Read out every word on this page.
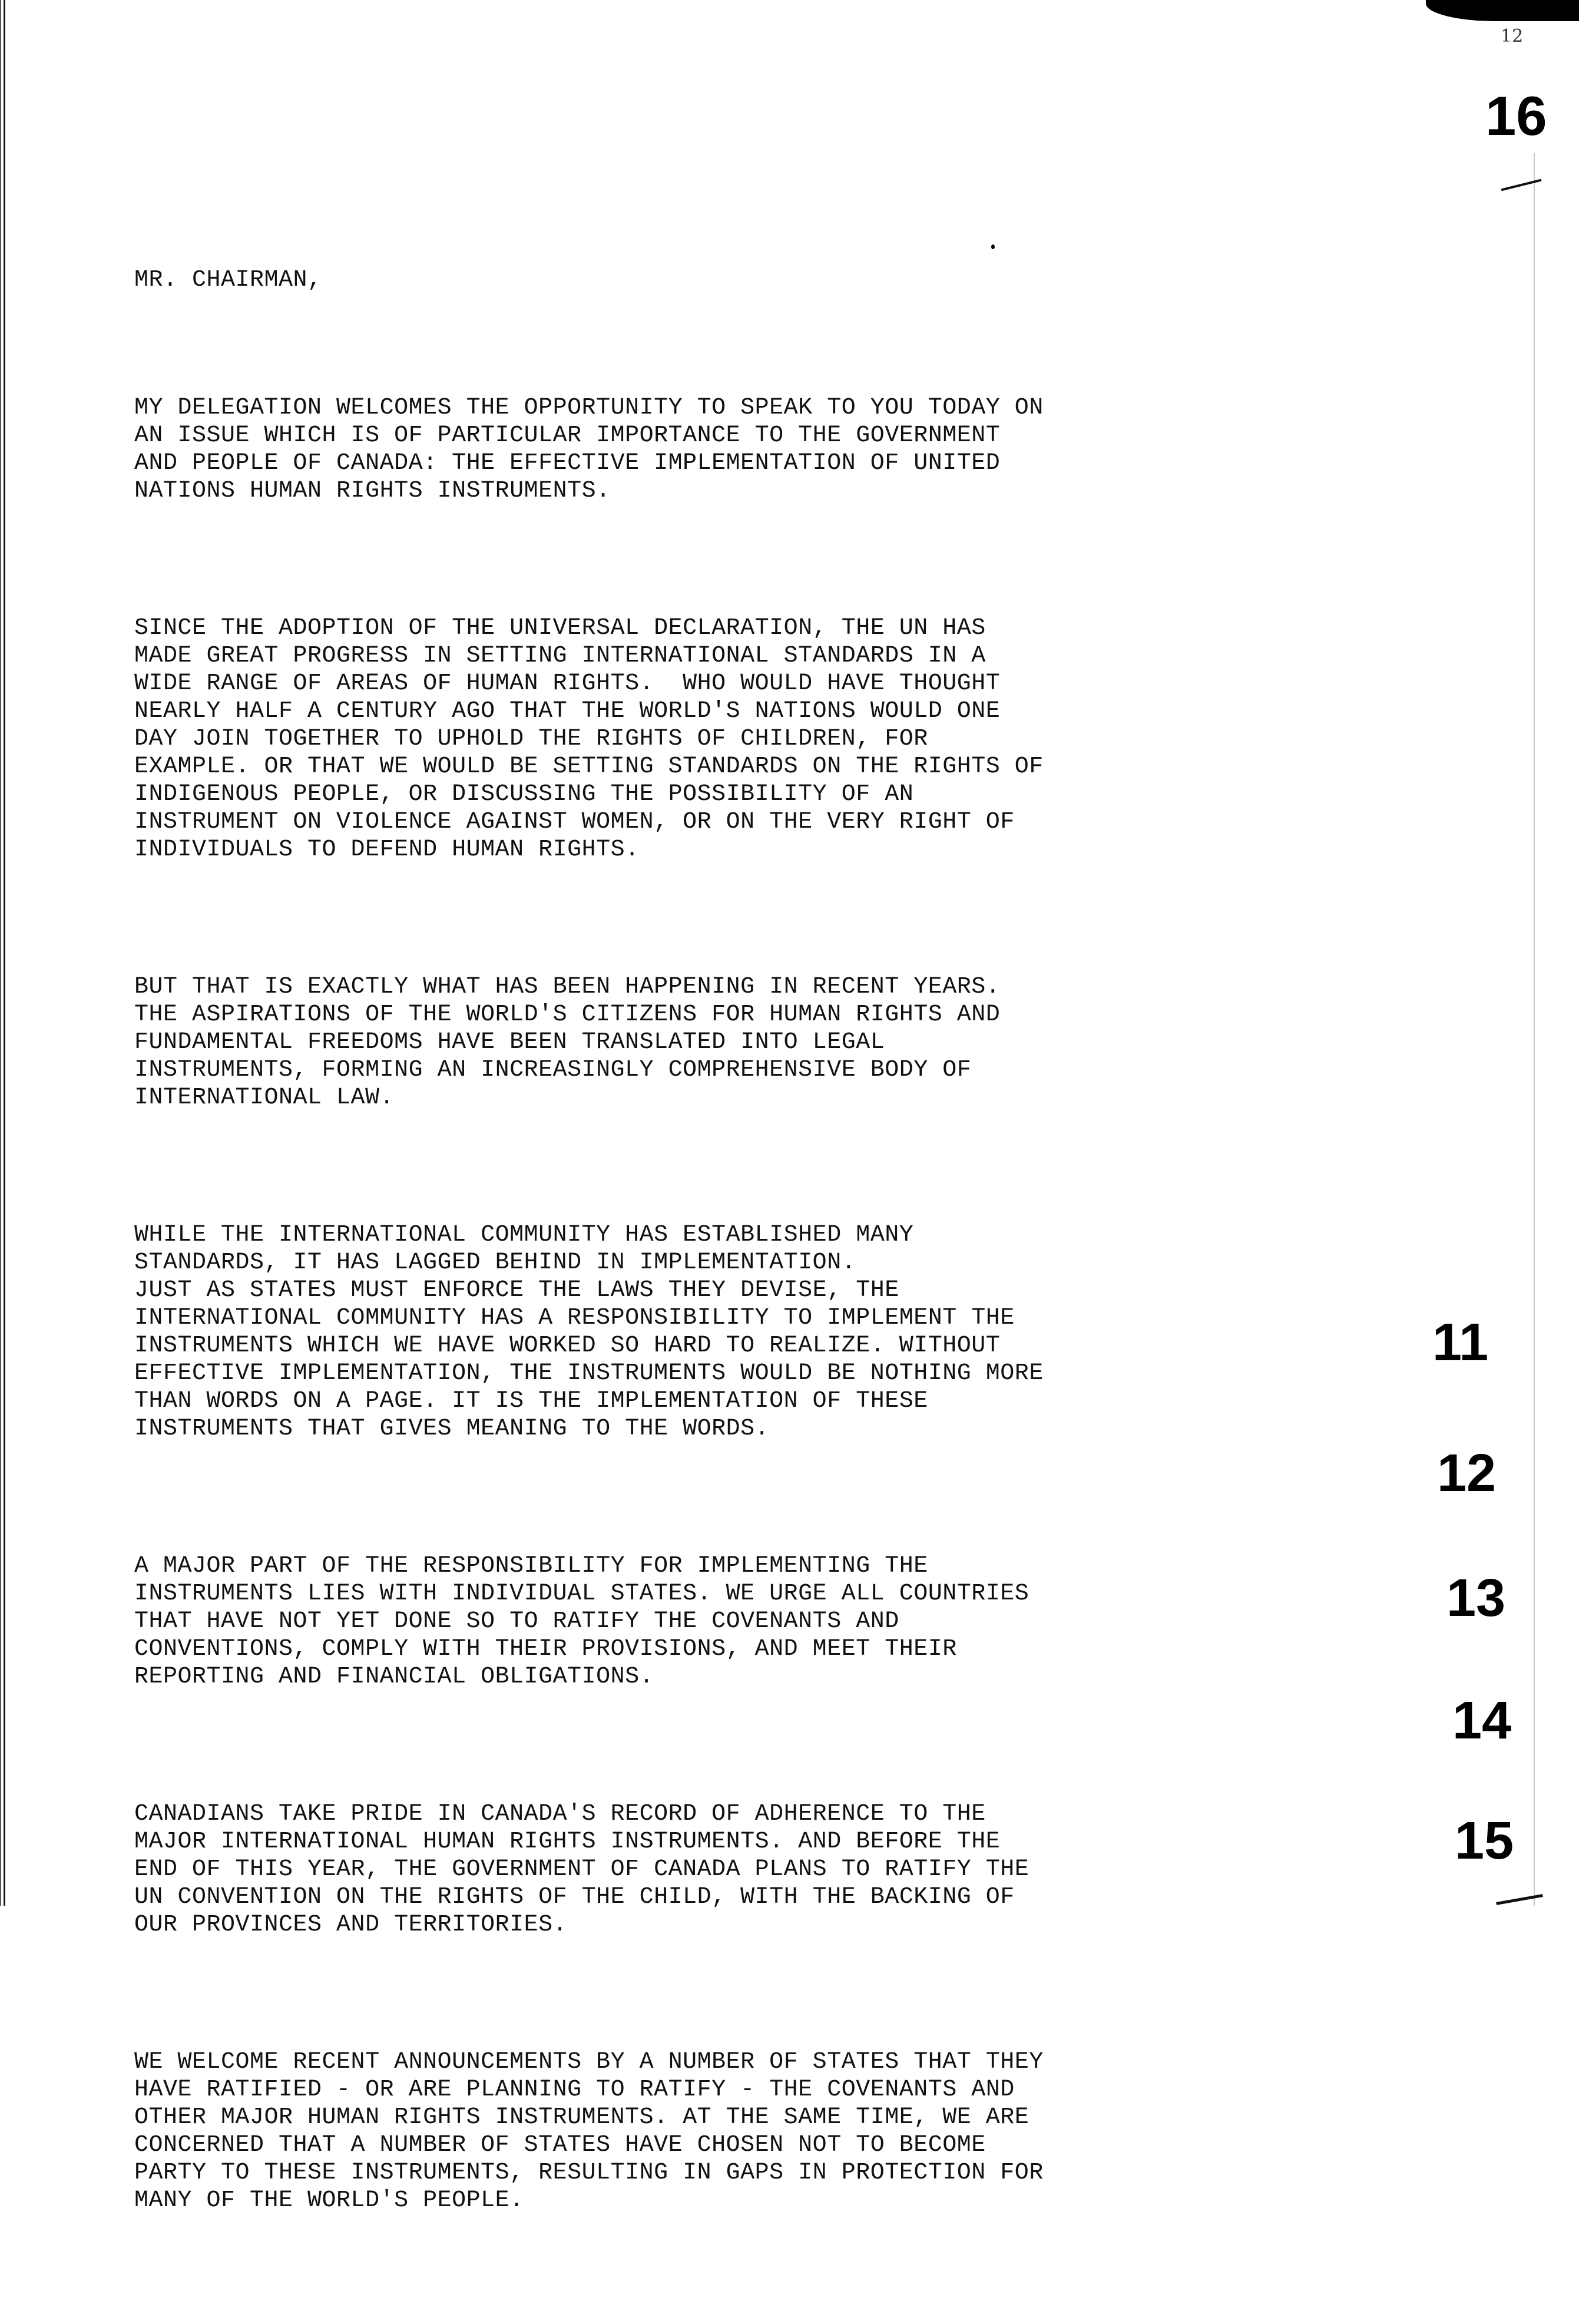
12
16
11
12
13
14
15

MR. CHAIRMAN,

MY DELEGATION WELCOMES THE OPPORTUNITY TO SPEAK TO YOU TODAY ON
AN ISSUE WHICH IS OF PARTICULAR IMPORTANCE TO THE GOVERNMENT
AND PEOPLE OF CANADA: THE EFFECTIVE IMPLEMENTATION OF UNITED
NATIONS HUMAN RIGHTS INSTRUMENTS.

SINCE THE ADOPTION OF THE UNIVERSAL DECLARATION, THE UN HAS
MADE GREAT PROGRESS IN SETTING INTERNATIONAL STANDARDS IN A
WIDE RANGE OF AREAS OF HUMAN RIGHTS.  WHO WOULD HAVE THOUGHT
NEARLY HALF A CENTURY AGO THAT THE WORLD'S NATIONS WOULD ONE
DAY JOIN TOGETHER TO UPHOLD THE RIGHTS OF CHILDREN, FOR
EXAMPLE. OR THAT WE WOULD BE SETTING STANDARDS ON THE RIGHTS OF
INDIGENOUS PEOPLE, OR DISCUSSING THE POSSIBILITY OF AN
INSTRUMENT ON VIOLENCE AGAINST WOMEN, OR ON THE VERY RIGHT OF
INDIVIDUALS TO DEFEND HUMAN RIGHTS.

BUT THAT IS EXACTLY WHAT HAS BEEN HAPPENING IN RECENT YEARS.
THE ASPIRATIONS OF THE WORLD'S CITIZENS FOR HUMAN RIGHTS AND
FUNDAMENTAL FREEDOMS HAVE BEEN TRANSLATED INTO LEGAL
INSTRUMENTS, FORMING AN INCREASINGLY COMPREHENSIVE BODY OF
INTERNATIONAL LAW.

WHILE THE INTERNATIONAL COMMUNITY HAS ESTABLISHED MANY
STANDARDS, IT HAS LAGGED BEHIND IN IMPLEMENTATION.
JUST AS STATES MUST ENFORCE THE LAWS THEY DEVISE, THE
INTERNATIONAL COMMUNITY HAS A RESPONSIBILITY TO IMPLEMENT THE
INSTRUMENTS WHICH WE HAVE WORKED SO HARD TO REALIZE. WITHOUT
EFFECTIVE IMPLEMENTATION, THE INSTRUMENTS WOULD BE NOTHING MORE
THAN WORDS ON A PAGE. IT IS THE IMPLEMENTATION OF THESE
INSTRUMENTS THAT GIVES MEANING TO THE WORDS.

A MAJOR PART OF THE RESPONSIBILITY FOR IMPLEMENTING THE
INSTRUMENTS LIES WITH INDIVIDUAL STATES. WE URGE ALL COUNTRIES
THAT HAVE NOT YET DONE SO TO RATIFY THE COVENANTS AND
CONVENTIONS, COMPLY WITH THEIR PROVISIONS, AND MEET THEIR
REPORTING AND FINANCIAL OBLIGATIONS.

CANADIANS TAKE PRIDE IN CANADA'S RECORD OF ADHERENCE TO THE
MAJOR INTERNATIONAL HUMAN RIGHTS INSTRUMENTS. AND BEFORE THE
END OF THIS YEAR, THE GOVERNMENT OF CANADA PLANS TO RATIFY THE
UN CONVENTION ON THE RIGHTS OF THE CHILD, WITH THE BACKING OF
OUR PROVINCES AND TERRITORIES.

WE WELCOME RECENT ANNOUNCEMENTS BY A NUMBER OF STATES THAT THEY
HAVE RATIFIED - OR ARE PLANNING TO RATIFY - THE COVENANTS AND
OTHER MAJOR HUMAN RIGHTS INSTRUMENTS. AT THE SAME TIME, WE ARE
CONCERNED THAT A NUMBER OF STATES HAVE CHOSEN NOT TO BECOME
PARTY TO THESE INSTRUMENTS, RESULTING IN GAPS IN PROTECTION FOR
MANY OF THE WORLD'S PEOPLE.
